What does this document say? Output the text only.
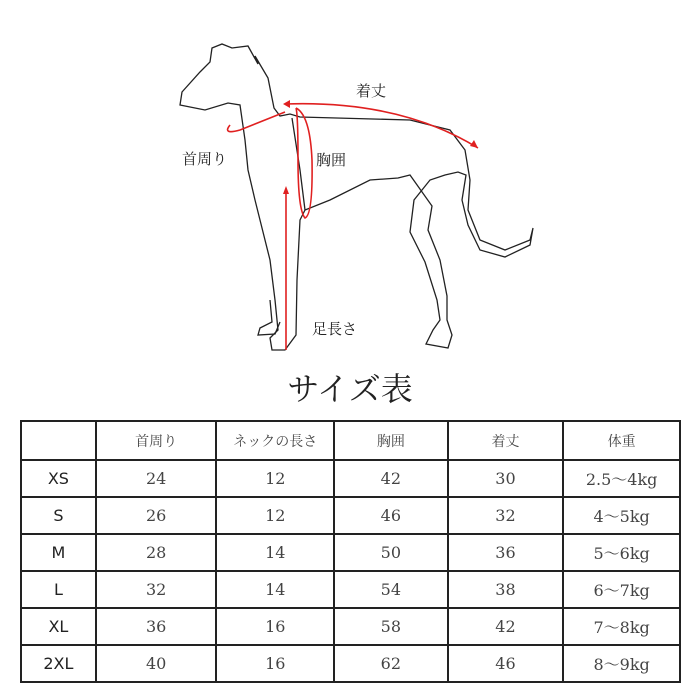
着丈
首周り	胸囲
足長さ
サイズ表
	首周り	ネックの長さ	胸囲	着丈	体重
XS	24	12	42	30	2.5～4kg
S	26	12	46	32	4～5kg
M	28	14	50	36	5～6kg
L	32	14	54	38	6～7kg
XL	36	16	58	42	7～8kg
2XL	40	16	62	46	8～9kg
